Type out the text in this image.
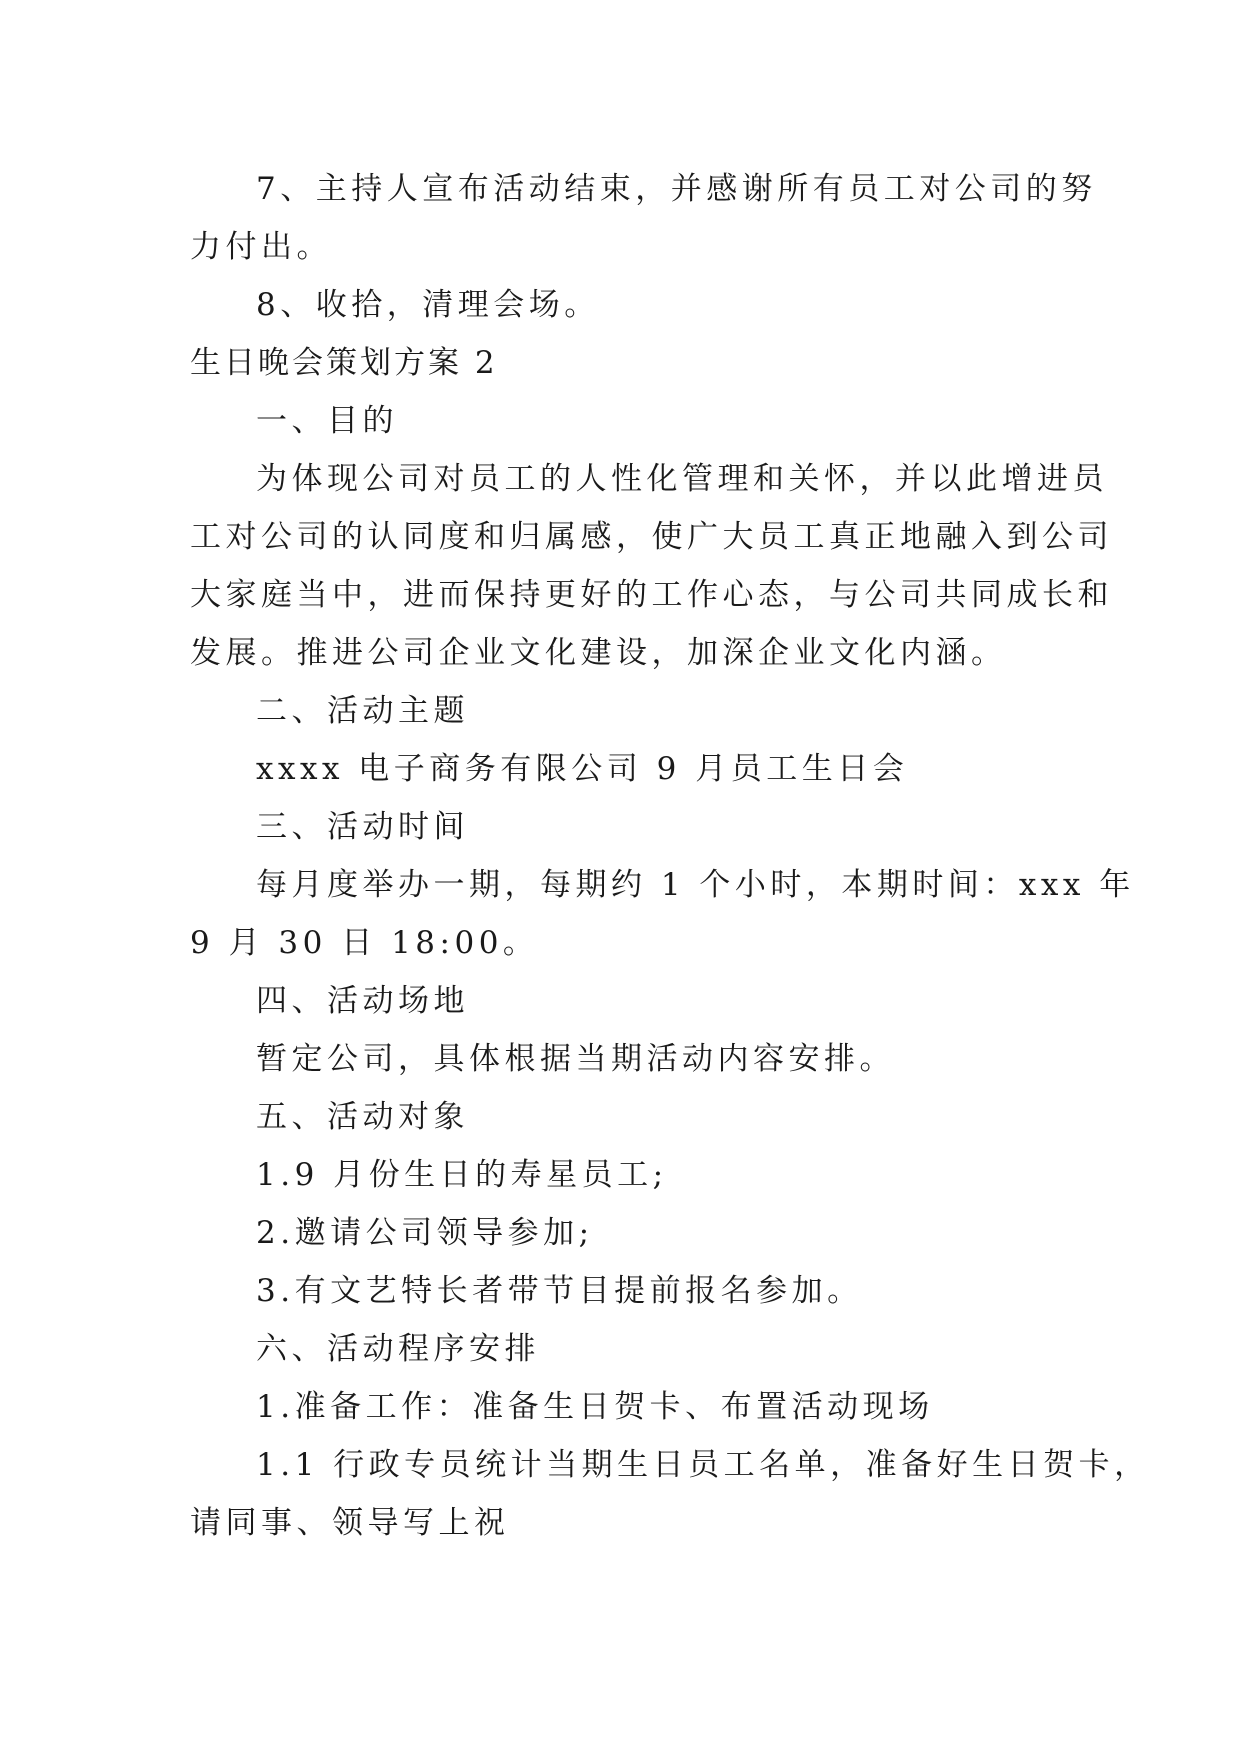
7、主持人宣布活动结束，并感谢所有员工对公司的努
力付出。
8、收拾，清理会场。
生日晚会策划方案 2
一、目的
为体现公司对员工的人性化管理和关怀，并以此增进员
工对公司的认同度和归属感，使广大员工真正地融入到公司
大家庭当中，进而保持更好的工作心态，与公司共同成长和
发展。推进公司企业文化建设，加深企业文化内涵。
二、活动主题
xxxx 电子商务有限公司 9 月员工生日会
三、活动时间
每月度举办一期，每期约 1 个小时，本期时间：xxx 年
9 月 30 日 18:00。
四、活动场地
暂定公司，具体根据当期活动内容安排。
五、活动对象
1.9 月份生日的寿星员工;
2.邀请公司领导参加;
3.有文艺特长者带节目提前报名参加。
六、活动程序安排
1.准备工作：准备生日贺卡、布置活动现场
1.1 行政专员统计当期生日员工名单，准备好生日贺卡，
请同事、领导写上祝
